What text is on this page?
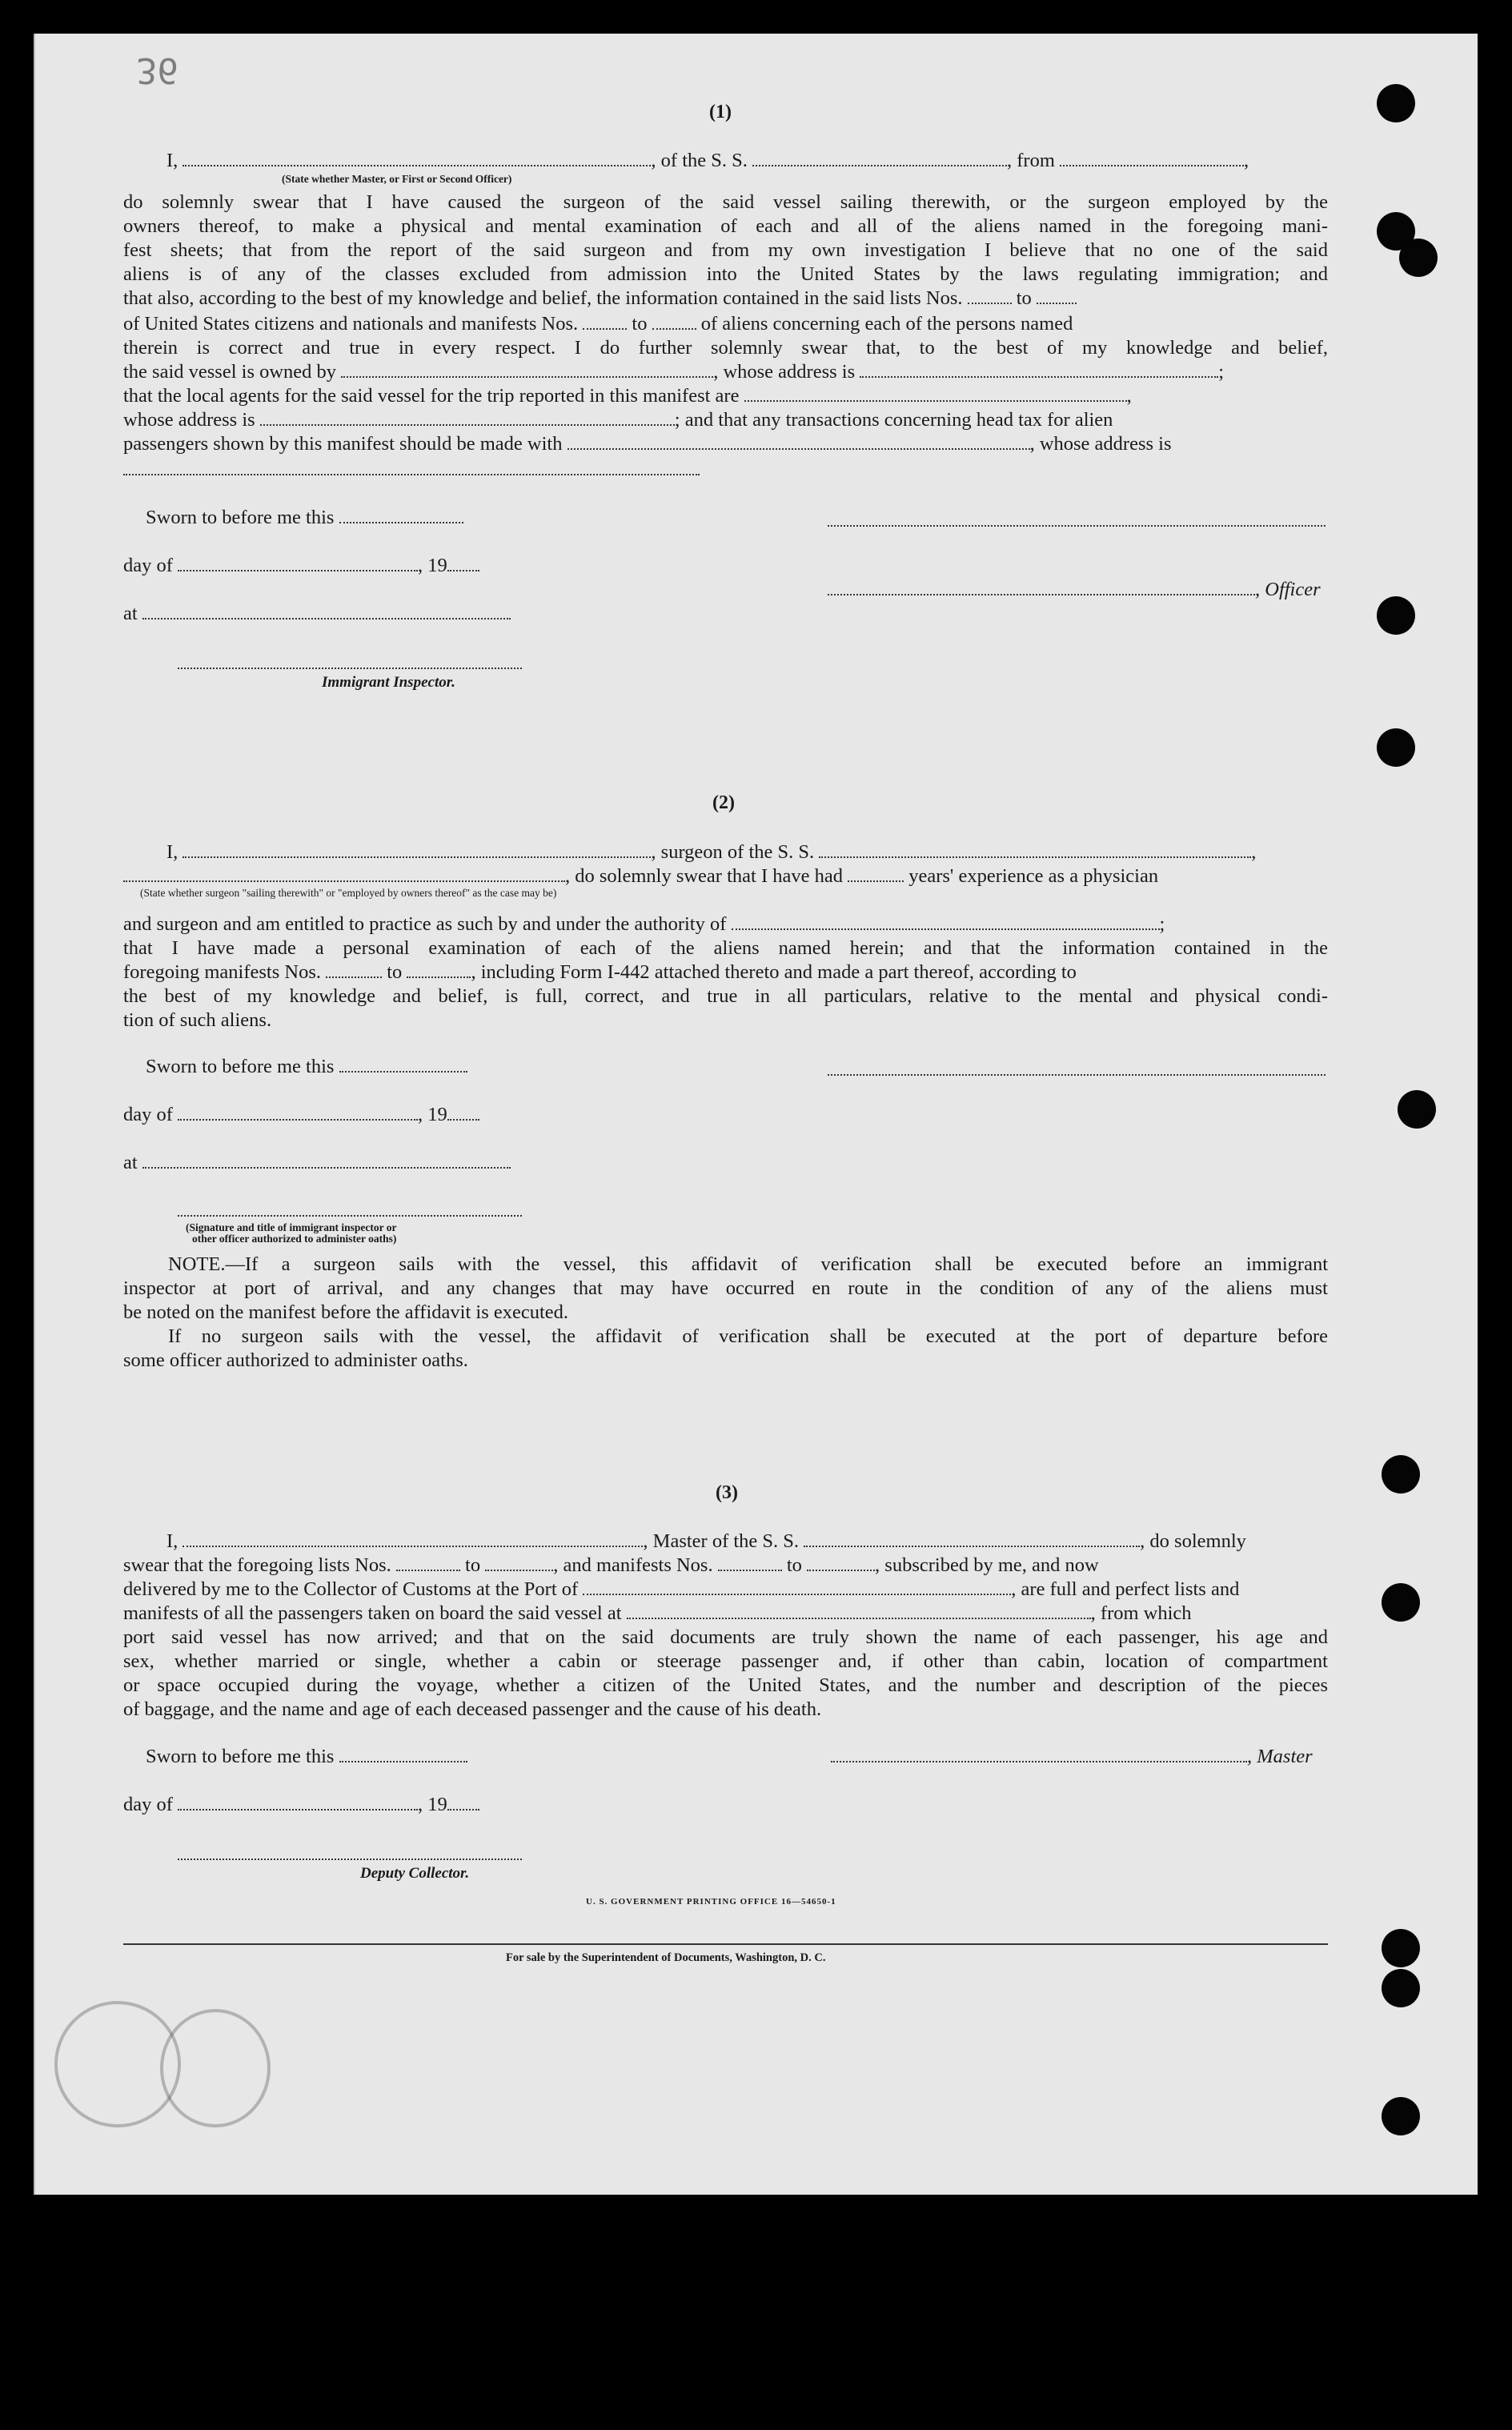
36
(1)
I,	, of the S. S.	, from	,
(State whether Master, or First or Second Officer)
do solemnly swear that I have caused the surgeon of the said vessel sailing therewith, or the surgeon employed by the
owners thereof, to make a physical and mental examination of each and all of the aliens named in the foregoing mani-
fest sheets; that from the report of the said surgeon and from my own investigation I believe that no one of the said
aliens is of any of the classes excluded from admission into the United States by the laws regulating immigration; and
that also, according to the best of my knowledge and belief, the information contained in the said lists Nos.	to
of United States citizens and nationals and manifests Nos.	to	of aliens concerning each of the persons named
therein is correct and true in every respect. I do further solemnly swear that, to the best of my knowledge and belief,
the said vessel is owned by	, whose address is	;
that the local agents for the said vessel for the trip reported in this manifest are	,
whose address is	; and that any transactions concerning head tax for alien
passengers shown by this manifest should be made with	, whose address is
Sworn to before me this
day of	, 19
, Officer
at
Immigrant Inspector.
(2)
I,	, surgeon of the S. S.	,
, do solemnly swear that I have had	years' experience as a physician
(State whether surgeon "sailing therewith" or "employed by owners thereof" as the case may be)
and surgeon and am entitled to practice as such by and under the authority of	;
that I have made a personal examination of each of the aliens named herein; and that the information contained in the
foregoing manifests Nos.	to	, including Form I-442 attached thereto and made a part thereof, according to
the best of my knowledge and belief, is full, correct, and true in all particulars, relative to the mental and physical condi-
tion of such aliens.
Sworn to before me this
day of	, 19
at
(Signature and title of immigrant inspector or
other officer authorized to administer oaths)
NOTE.—If a surgeon sails with the vessel, this affidavit of verification shall be executed before an immigrant
inspector at port of arrival, and any changes that may have occurred en route in the condition of any of the aliens must
be noted on the manifest before the affidavit is executed.
If no surgeon sails with the vessel, the affidavit of verification shall be executed at the port of departure before
some officer authorized to administer oaths.
(3)
I,	, Master of the S. S.	, do solemnly
swear that the foregoing lists Nos.	to	, and manifests Nos.	to	, subscribed by me, and now
delivered by me to the Collector of Customs at the Port of	, are full and perfect lists and
manifests of all the passengers taken on board the said vessel at	, from which
port said vessel has now arrived; and that on the said documents are truly shown the name of each passenger, his age and
sex, whether married or single, whether a cabin or steerage passenger and, if other than cabin, location of compartment
or space occupied during the voyage, whether a citizen of the United States, and the number and description of the pieces
of baggage, and the name and age of each deceased passenger and the cause of his death.
Sworn to before me this	, Master
day of	, 19
Deputy Collector.
U. S. GOVERNMENT PRINTING OFFICE 16—54650-1
For sale by the Superintendent of Documents, Washington, D. C.
